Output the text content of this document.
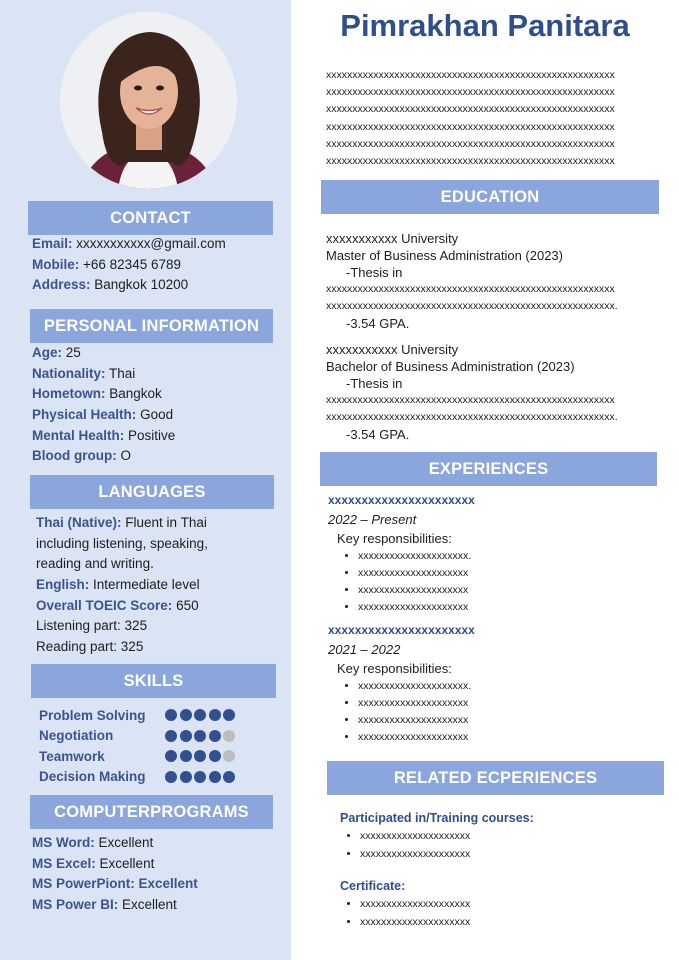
CONTACT
Email: xxxxxxxxxxx@gmail.com
Mobile: +66 82345 6789
Address: Bangkok 10200
PERSONAL INFORMATION
Age: 25
Nationality: Thai
Hometown: Bangkok
Physical Health: Good
Mental Health: Positive
Blood group: O
LANGUAGES
Thai (Native): Fluent in Thai
including listening, speaking,
reading and writing.
English: Intermediate level
Overall TOEIC Score: 650
Listening part: 325
Reading part: 325
SKILLS
Problem Solving
Negotiation
Teamwork
Decision Making
COMPUTERPROGRAMS
MS Word: Excellent
MS Excel: Excellent
MS PowerPiont: Excellent
MS Power BI: Excellent
Pimrakhan Panitara
xxxxxxxxxxxxxxxxxxxxxxxxxxxxxxxxxxxxxxxxxxxxxxxxxxxxxxx
xxxxxxxxxxxxxxxxxxxxxxxxxxxxxxxxxxxxxxxxxxxxxxxxxxxxxxx
xxxxxxxxxxxxxxxxxxxxxxxxxxxxxxxxxxxxxxxxxxxxxxxxxxxxxxx
xxxxxxxxxxxxxxxxxxxxxxxxxxxxxxxxxxxxxxxxxxxxxxxxxxxxxxx
xxxxxxxxxxxxxxxxxxxxxxxxxxxxxxxxxxxxxxxxxxxxxxxxxxxxxxx
xxxxxxxxxxxxxxxxxxxxxxxxxxxxxxxxxxxxxxxxxxxxxxxxxxxxxxx
EDUCATION
xxxxxxxxxxx University
Master of Business Administration (2023)
-Thesis in
xxxxxxxxxxxxxxxxxxxxxxxxxxxxxxxxxxxxxxxxxxxxxxxxxxxxxxx
xxxxxxxxxxxxxxxxxxxxxxxxxxxxxxxxxxxxxxxxxxxxxxxxxxxxxxx.
-3.54 GPA.
xxxxxxxxxxx University
Bachelor of Business Administration (2023)
-Thesis in
xxxxxxxxxxxxxxxxxxxxxxxxxxxxxxxxxxxxxxxxxxxxxxxxxxxxxxx
xxxxxxxxxxxxxxxxxxxxxxxxxxxxxxxxxxxxxxxxxxxxxxxxxxxxxxx.
-3.54 GPA.
EXPERIENCES
xxxxxxxxxxxxxxxxxxxxxx
2022 – Present
Key responsibilities:
• xxxxxxxxxxxxxxxxxxxxx.
• xxxxxxxxxxxxxxxxxxxxx
• xxxxxxxxxxxxxxxxxxxxx
• xxxxxxxxxxxxxxxxxxxxx
xxxxxxxxxxxxxxxxxxxxxx
2021 – 2022
Key responsibilities:
• xxxxxxxxxxxxxxxxxxxxx.
• xxxxxxxxxxxxxxxxxxxxx
• xxxxxxxxxxxxxxxxxxxxx
• xxxxxxxxxxxxxxxxxxxxx
RELATED ECPERIENCES
Participated in/Training courses:
• xxxxxxxxxxxxxxxxxxxxx
• xxxxxxxxxxxxxxxxxxxxx
Certificate:
• xxxxxxxxxxxxxxxxxxxxx
• xxxxxxxxxxxxxxxxxxxxx
